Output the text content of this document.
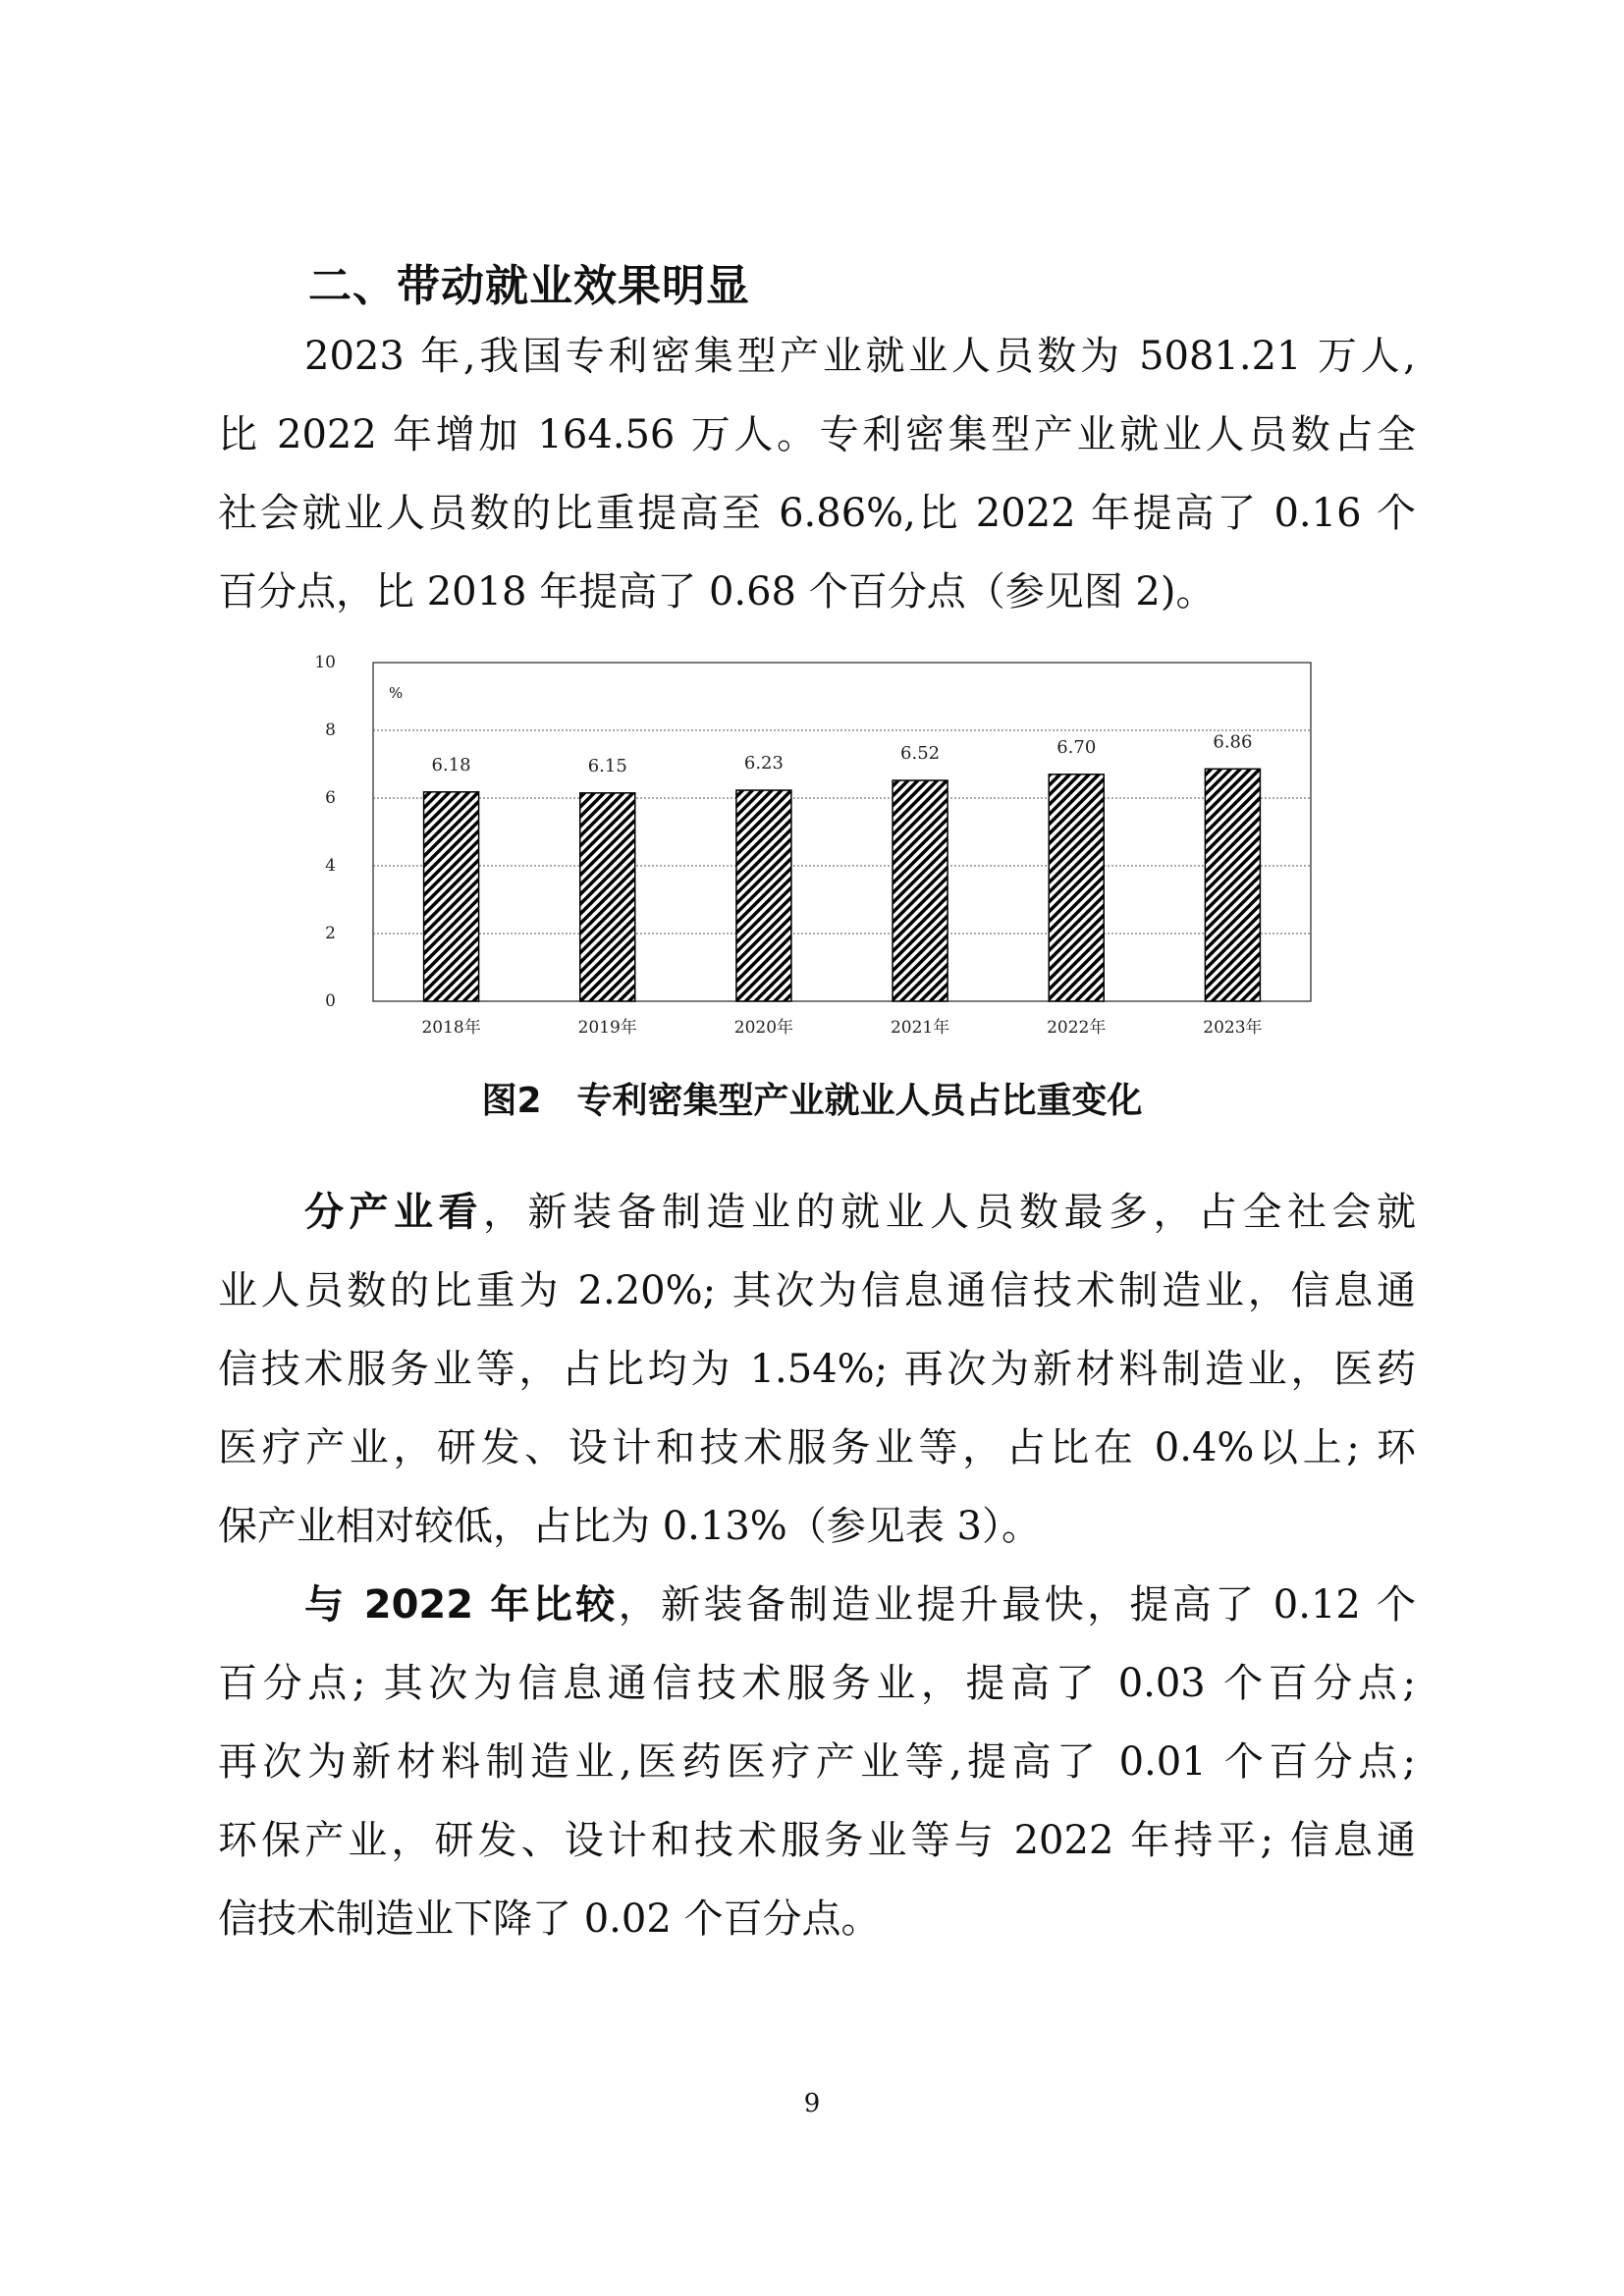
二、带动就业效果明显
2023 年,我国专利密集型产业就业人员数为 5081.21 万人,
比 2022 年增加 164.56 万人。专利密集型产业就业人员数占全
社会就业人员数的比重提高至 6.86%,比 2022 年提高了 0.16 个
百分点，比 2018 年提高了 0.68 个百分点（参见图 2)。
6.18	6.15	6.23	6.52	6.70	6.86
0
2
4
6
8
10
2018年	2019年	2020年	2021年	2022年	2023年
%
图2　专利密集型产业就业人员占比重变化
分产业看，新装备制造业的就业人员数最多，占全社会就
业人员数的比重为 2.20%; 其次为信息通信技术制造业，信息通
信技术服务业等，占比均为 1.54%; 再次为新材料制造业，医药
医疗产业，研发、设计和技术服务业等，占比在 0.4%以上; 环
保产业相对较低，占比为 0.13%（参见表 3）。
与 2022 年比较，新装备制造业提升最快，提高了 0.12 个
百分点; 其次为信息通信技术服务业，提高了 0.03 个百分点;
再次为新材料制造业,医药医疗产业等,提高了 0.01 个百分点;
环保产业，研发、设计和技术服务业等与 2022 年持平; 信息通
信技术制造业下降了 0.02 个百分点。
9
